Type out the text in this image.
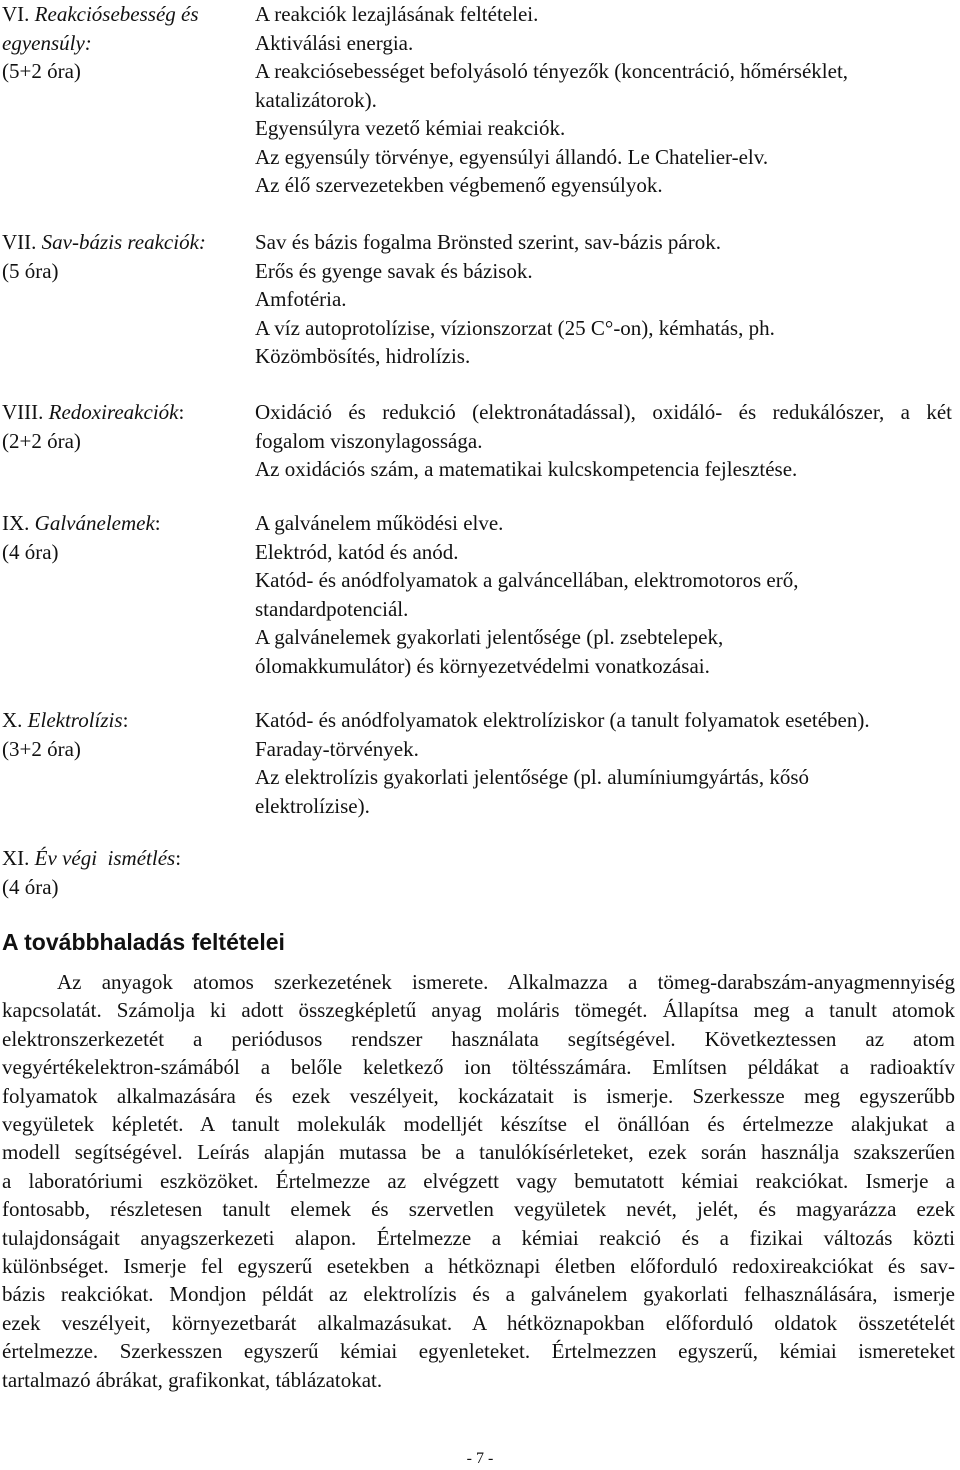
VI. Reakciósebesség és
egyensúly:
(5+2 óra)
A reakciók lezajlásának feltételei.
Aktiválási energia.
A reakciósebességet befolyásoló tényezők (koncentráció, hőmérséklet,
katalizátorok).
Egyensúlyra vezető kémiai reakciók.
Az egyensúly törvénye, egyensúlyi állandó. Le Chatelier-elv.
Az élő szervezetekben végbemenő egyensúlyok.
VII. Sav-bázis reakciók:
(5 óra)
Sav és bázis fogalma Brönsted szerint, sav-bázis párok.
Erős és gyenge savak és bázisok.
Amfotéria.
A víz autoprotolízise, vízionszorzat (25 C°-on), kémhatás, ph.
Közömbösítés, hidrolízis.
VIII. Redoxireakciók:
(2+2 óra)
Oxidáció és redukció (elektronátadással), oxidáló- és redukálószer, a két
fogalom viszonylagossága.
Az oxidációs szám, a matematikai kulcskompetencia fejlesztése.
IX. Galvánelemek:
(4 óra)
A galvánelem működési elve.
Elektród, katód és anód.
Katód- és anódfolyamatok a galváncellában, elektromotoros erő,
standardpotenciál.
A galvánelemek gyakorlati jelentősége (pl. zsebtelepek,
ólomakkumulátor) és környezetvédelmi vonatkozásai.
X. Elektrolízis:
(3+2 óra)
Katód- és anódfolyamatok elektrolíziskor (a tanult folyamatok esetében).
Faraday-törvények.
Az elektrolízis gyakorlati jelentősége (pl. alumíniumgyártás, kősó
elektrolízise).
XI. Év végi  ismétlés:
(4 óra)
A továbbhaladás feltételei
Az anyagok atomos szerkezetének ismerete. Alkalmazza a tömeg-darabszám-anyagmennyiség
kapcsolatát. Számolja ki adott összegképletű anyag moláris tömegét. Állapítsa meg a tanult atomok
elektronszerkezetét a periódusos rendszer használata segítségével. Következtessen az atom
vegyértékelektron-számából a belőle keletkező ion töltésszámára. Említsen példákat a radioaktív
folyamatok alkalmazására és ezek veszélyeit, kockázatait is ismerje. Szerkessze meg egyszerűbb
vegyületek képletét. A tanult molekulák modelljét készítse el önállóan és értelmezze alakjukat a
modell segítségével. Leírás alapján mutassa be a tanulókísérleteket, ezek során használja szakszerűen
a laboratóriumi eszközöket. Értelmezze az elvégzett vagy bemutatott kémiai reakciókat. Ismerje a
fontosabb, részletesen tanult elemek és szervetlen vegyületek nevét, jelét, és magyarázza ezek
tulajdonságait anyagszerkezeti alapon. Értelmezze a kémiai reakció és a fizikai változás közti
különbséget. Ismerje fel egyszerű esetekben a hétköznapi életben előforduló redoxireakciókat és sav-
bázis reakciókat. Mondjon példát az elektrolízis és a galvánelem gyakorlati felhasználására, ismerje
ezek veszélyeit, környezetbarát alkalmazásukat. A hétköznapokban előforduló oldatok összetételét
értelmezze. Szerkesszen egyszerű kémiai egyenleteket. Értelmezzen egyszerű, kémiai ismereteket
tartalmazó ábrákat, grafikonkat, táblázatokat.
- 7 -
